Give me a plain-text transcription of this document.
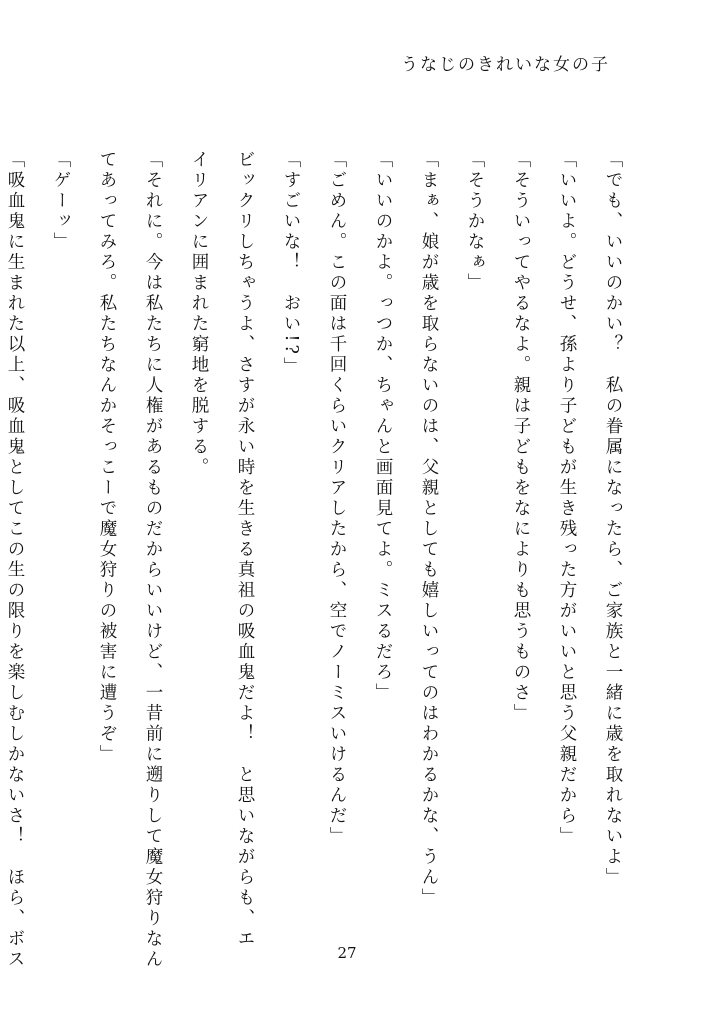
うなじのきれいな女の子
「でも、いいのかい？　私の眷属になったら、ご家族と一緒に歳を取れないよ」
「いいよ。どうせ、孫より子どもが生き残った方がいいと思う父親だから」
「そういってやるなよ。親は子どもをなによりも思うものさ」
「そうかなぁ」
「まぁ、娘が歳を取らないのは、父親としても嬉しいってのはわかるかな、うん」
「いいのかよ。っつか、ちゃんと画面見てよ。ミスるだろ」
「ごめん。この面は千回くらいクリアしたから、空でノーミスいけるんだ」
「すごいな！　おい!?」
ビックリしちゃうよ、さすが永い時を生きる真祖の吸血鬼だよ！　と思いながらも、エ
イリアンに囲まれた窮地を脱する。
「それに。今は私たちに人権があるものだからいいけど、一昔前に遡りして魔女狩りなん
てあってみろ。私たちなんかそっこーで魔女狩りの被害に遭うぞ」
「ゲーッ」
「吸血鬼に生まれた以上、吸血鬼としてこの生の限りを楽しむしかないさ！　ほら、ボス	27
